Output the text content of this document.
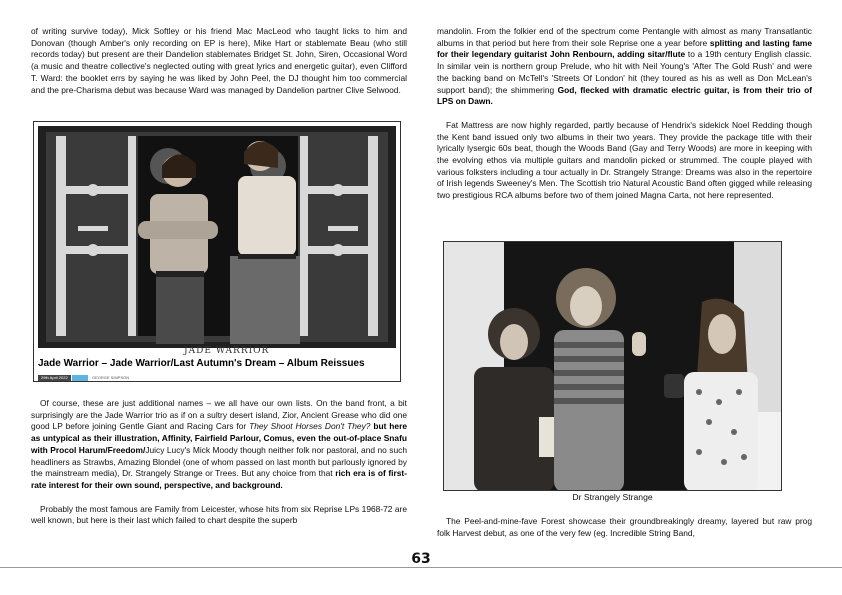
of writing survive today), Mick Softley or his friend Mac MacLeod who taught licks to him and Donovan (though Amber's only recording on EP is here), Mike Hart or stablemate Beau (who still records today) but present are their Dandelion stablemates Bridget St. John, Siren, Occasional Word (a music and theatre collective's neglected outing with great lyrics and energetic guitar), even Clifford T. Ward: the booklet errs by saying he was liked by John Peel, the DJ thought him too commercial and the pre-Charisma debut was because Ward was managed by Dandelion partner Clive Selwood.

JADE WARRIOR
Jade Warrior – Jade Warrior/Last Autumn's Dream – Album Reissues
29th April 2022	GEORGE SIMPSON

Of course, these are just additional names – we all have our own lists. On the band front, a bit surprisingly are the Jade Warrior trio as if on a sultry desert island, Zior, Ancient Grease who did one good LP before joining Gentle Giant and Racing Cars for They Shoot Horses Don't They? but here as untypical as their illustration, Affinity, Fairfield Parlour, Comus, even the out-of-place Snafu with Procol Harum/Freedom/Juicy Lucy's Mick Moody though neither folk nor pastoral, and no such headliners as Strawbs, Amazing Blondel (one of whom passed on last month but parlously ignored by the mainstream media), Dr. Strangely Strange or Trees. But any choice from that rich era is of first-rate interest for their own sound, perspective, and background.

Probably the most famous are Family from Leicester, whose hits from six Reprise LPs 1968-72 are well known, but here is their last which failed to chart despite the superb

mandolin. From the folkier end of the spectrum come Pentangle with almost as many Transatlantic albums in that period but here from their sole Reprise one a year before splitting and lasting fame for their legendary guitarist John Renbourn, adding sitar/flute to a 19th century English classic. In similar vein is northern group Prelude, who hit with Neil Young's 'After The Gold Rush' and were the backing band on McTell's 'Streets Of London' hit (they toured as his as well as Don McLean's support band); the shimmering God, flecked with dramatic electric guitar, is from their trio of LPS on Dawn.

Fat Mattress are now highly regarded, partly because of Hendrix's sidekick Noel Redding though the Kent band issued only two albums in their two years. They provide the package title with their lyrically lysergic 60s beat, though the Woods Band (Gay and Terry Woods) are more in keeping with the evolving ethos via multiple guitars and mandolin picked or strummed. The couple played with various folksters including a tour actually in Dr. Strangely Strange: Dreams was also in the repertoire of Irish legends Sweeney's Men. The Scottish trio Natural Acoustic Band often gigged while releasing two prestigious RCA albums before two of them joined Magna Carta, not here represented.

Dr Strangely Strange

The Peel-and-mine-fave Forest showcase their groundbreakingly dreamy, layered but raw prog folk Harvest debut, as one of the very few (eg. Incredible String Band,

63
